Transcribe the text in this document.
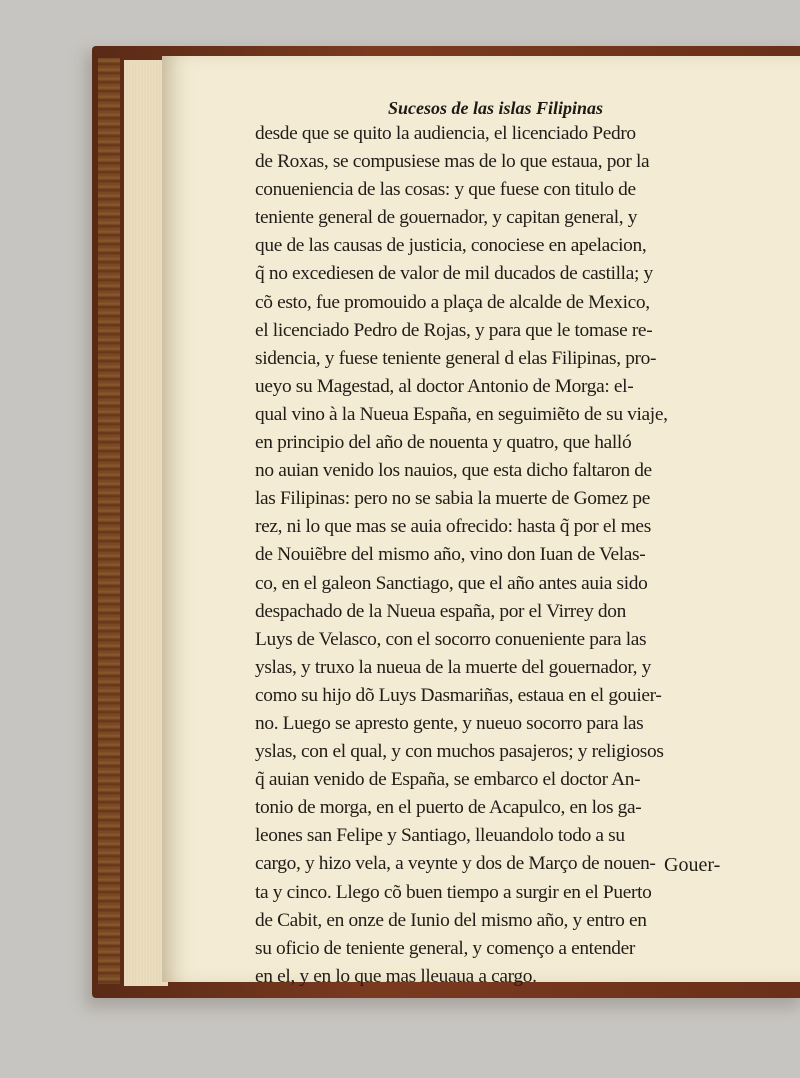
Sucesos de las islas Filipinas
desde que se quito la audiencia, el licenciado Pedro
de Roxas, se compusiese mas de lo que estaua, por la
conueniencia de las cosas: y que fuese con titulo de
teniente general de gouernador, y capitan general, y
que de las causas de justicia, conociese en apelacion,
q̃ no excediesen de valor de mil ducados de castilla; y
cõ esto, fue promouido a plaça de alcalde de Mexico,
el licenciado Pedro de Rojas, y para que le tomase re-
sidencia, y fuese teniente general d elas Filipinas, pro-
ueyo su Magestad, al doctor Antonio de Morga: el-
qual vino à la Nueua España, en seguimiẽto de su viaje,
en principio del año de nouenta y quatro, que halló
no auian venido los nauios, que esta dicho faltaron de
las Filipinas: pero no se sabia la muerte de Gomez pe
rez, ni lo que mas se auia ofrecido: hasta q̃ por el mes
de Nouiẽbre del mismo año, vino don Iuan de Velas-
co, en el galeon Sanctiago, que el año antes auia sido
despachado de la Nueua españa, por el Virrey don
Luys de Velasco, con el socorro conueniente para las
yslas, y truxo la nueua de la muerte del gouernador, y
como su hijo dõ Luys Dasmariñas, estaua en el gouier-
no. Luego se apresto gente, y nueuo socorro para las
yslas, con el qual, y con muchos pasajeros; y religiosos
q̃ auian venido de España, se embarco el doctor An-
tonio de morga, en el puerto de Acapulco, en los ga-
leones san Felipe y Santiago, lleuandolo todo a su
cargo, y hizo vela, a veynte y dos de Março de nouen-
ta y cinco. Llego cõ buen tiempo a surgir en el Puerto
de Cabit, en onze de Iunio del mismo año, y entro en
su oficio de teniente general, y començo a entender
en el, y en lo que mas lleuaua a cargo.
Gouer-
